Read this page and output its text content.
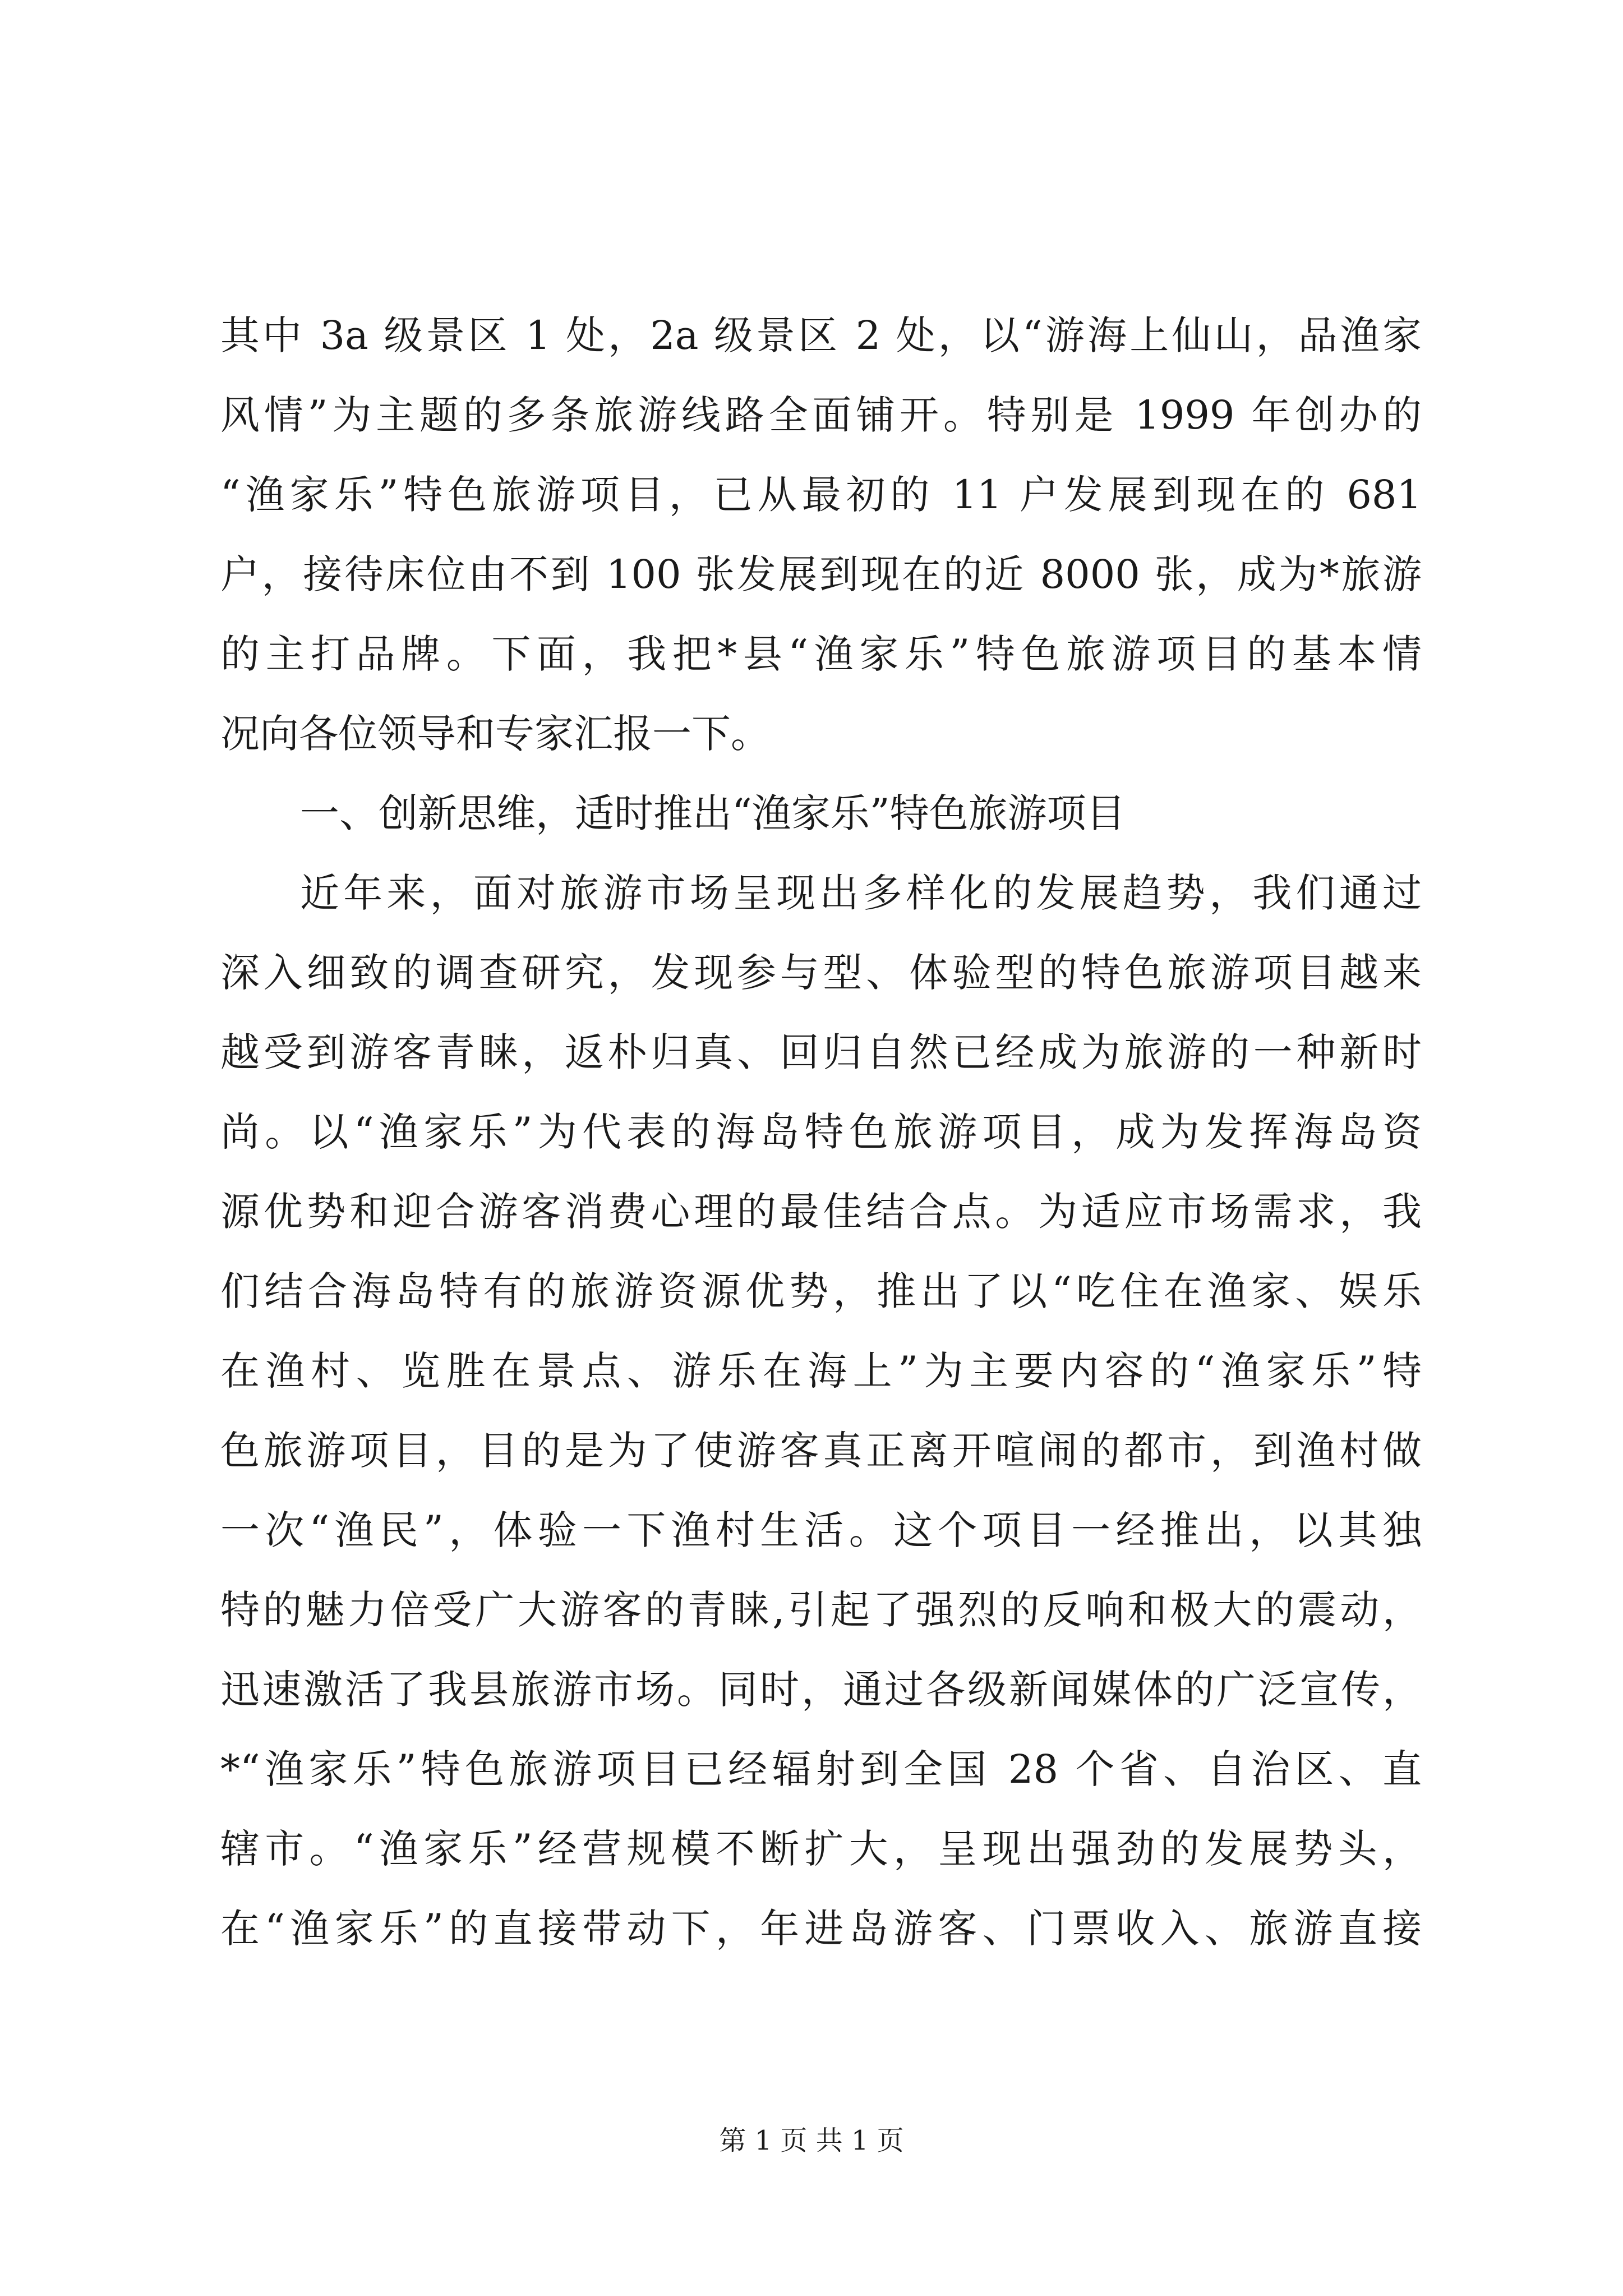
其中 3a 级景区 1 处，2a 级景区 2 处，以“游海上仙山，品渔家
风情”为主题的多条旅游线路全面铺开。特别是 1999 年创办的
“渔家乐”特色旅游项目，已从最初的 11 户发展到现在的 681
户，接待床位由不到 100 张发展到现在的近 8000 张，成为*旅游
的主打品牌。下面，我把*县“渔家乐”特色旅游项目的基本情
况向各位领导和专家汇报一下。
一、创新思维，适时推出“渔家乐”特色旅游项目
近年来，面对旅游市场呈现出多样化的发展趋势，我们通过
深入细致的调查研究，发现参与型、体验型的特色旅游项目越来
越受到游客青睐，返朴归真、回归自然已经成为旅游的一种新时
尚。以“渔家乐”为代表的海岛特色旅游项目，成为发挥海岛资
源优势和迎合游客消费心理的最佳结合点。为适应市场需求，我
们结合海岛特有的旅游资源优势，推出了以“吃住在渔家、娱乐
在渔村、览胜在景点、游乐在海上”为主要内容的“渔家乐”特
色旅游项目，目的是为了使游客真正离开喧闹的都市，到渔村做
一次“渔民”，体验一下渔村生活。这个项目一经推出，以其独
特的魅力倍受广大游客的青睐,引起了强烈的反响和极大的震动，
迅速激活了我县旅游市场。同时，通过各级新闻媒体的广泛宣传，
*“渔家乐”特色旅游项目已经辐射到全国 28 个省、自治区、直
辖市。“渔家乐”经营规模不断扩大，呈现出强劲的发展势头，
在“渔家乐”的直接带动下，年进岛游客、门票收入、旅游直接
第 1 页 共 1 页
